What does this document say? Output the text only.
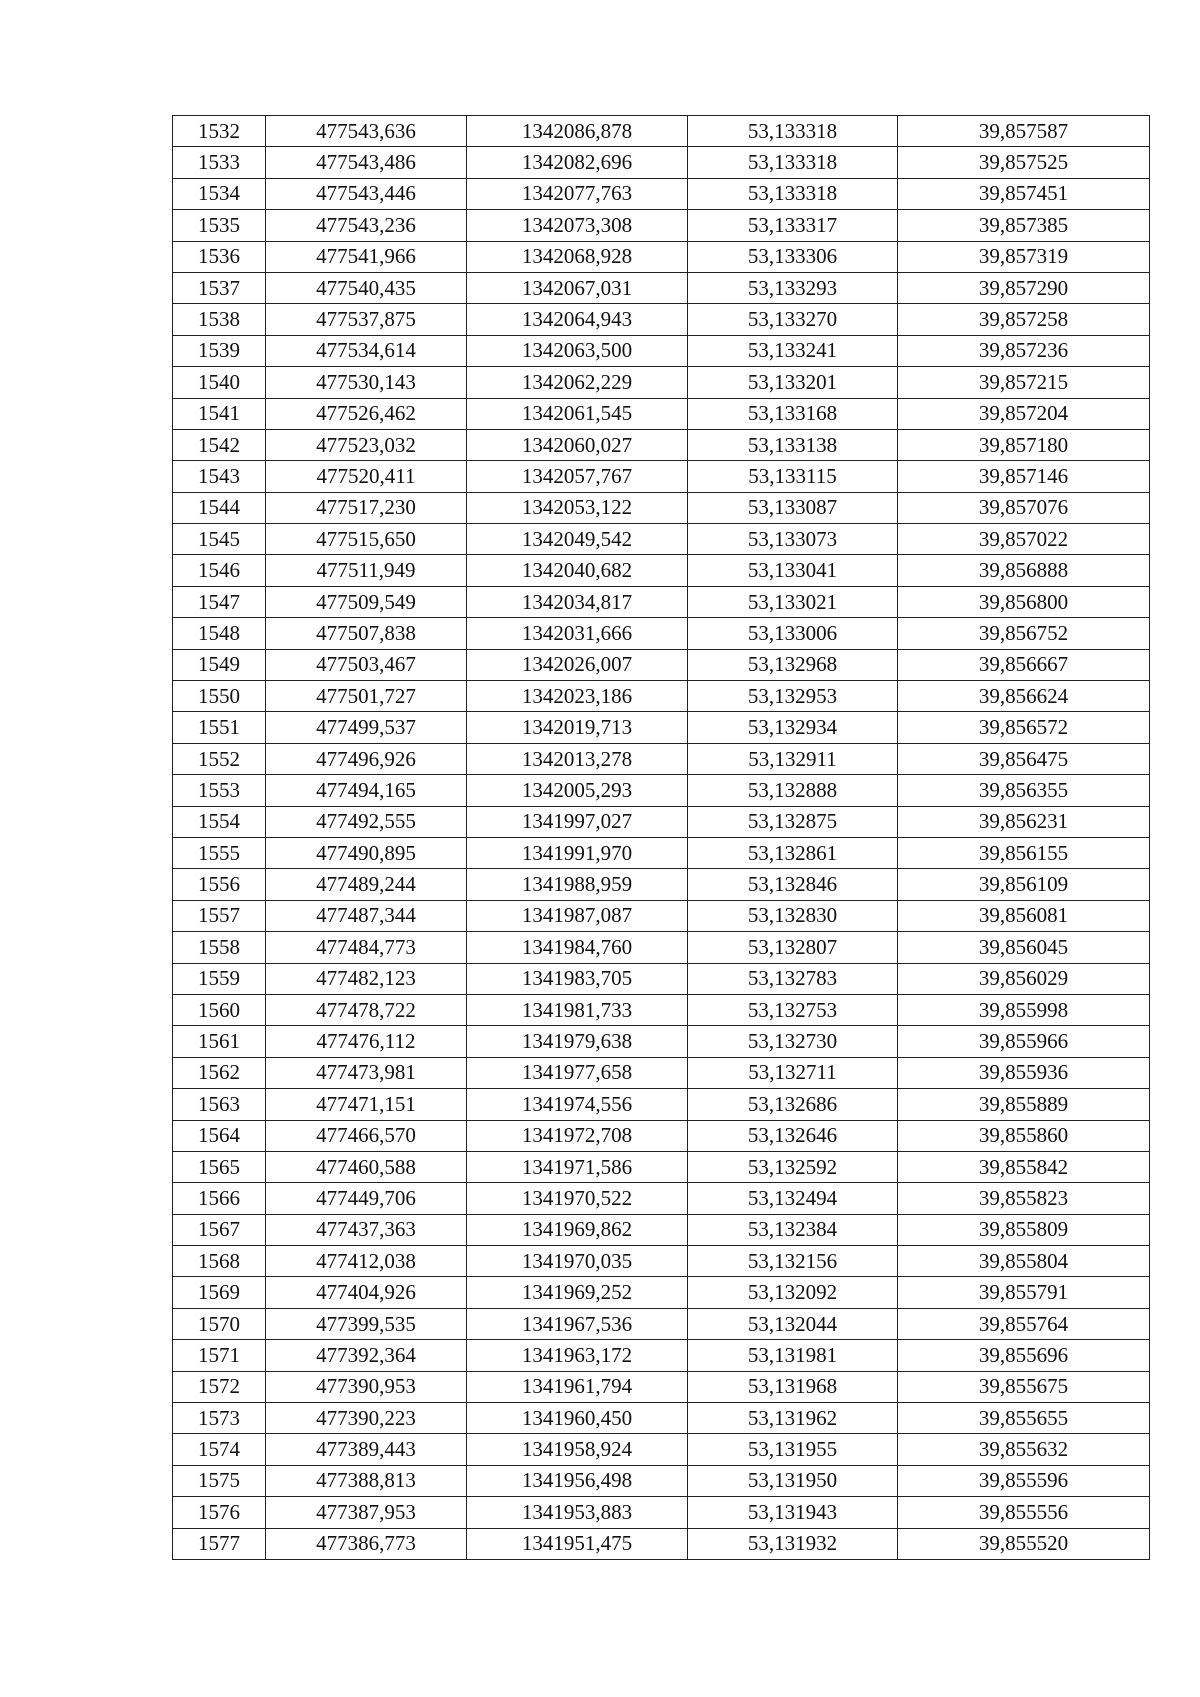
1532	477543,636	1342086,878	53,133318	39,857587
1533	477543,486	1342082,696	53,133318	39,857525
1534	477543,446	1342077,763	53,133318	39,857451
1535	477543,236	1342073,308	53,133317	39,857385
1536	477541,966	1342068,928	53,133306	39,857319
1537	477540,435	1342067,031	53,133293	39,857290
1538	477537,875	1342064,943	53,133270	39,857258
1539	477534,614	1342063,500	53,133241	39,857236
1540	477530,143	1342062,229	53,133201	39,857215
1541	477526,462	1342061,545	53,133168	39,857204
1542	477523,032	1342060,027	53,133138	39,857180
1543	477520,411	1342057,767	53,133115	39,857146
1544	477517,230	1342053,122	53,133087	39,857076
1545	477515,650	1342049,542	53,133073	39,857022
1546	477511,949	1342040,682	53,133041	39,856888
1547	477509,549	1342034,817	53,133021	39,856800
1548	477507,838	1342031,666	53,133006	39,856752
1549	477503,467	1342026,007	53,132968	39,856667
1550	477501,727	1342023,186	53,132953	39,856624
1551	477499,537	1342019,713	53,132934	39,856572
1552	477496,926	1342013,278	53,132911	39,856475
1553	477494,165	1342005,293	53,132888	39,856355
1554	477492,555	1341997,027	53,132875	39,856231
1555	477490,895	1341991,970	53,132861	39,856155
1556	477489,244	1341988,959	53,132846	39,856109
1557	477487,344	1341987,087	53,132830	39,856081
1558	477484,773	1341984,760	53,132807	39,856045
1559	477482,123	1341983,705	53,132783	39,856029
1560	477478,722	1341981,733	53,132753	39,855998
1561	477476,112	1341979,638	53,132730	39,855966
1562	477473,981	1341977,658	53,132711	39,855936
1563	477471,151	1341974,556	53,132686	39,855889
1564	477466,570	1341972,708	53,132646	39,855860
1565	477460,588	1341971,586	53,132592	39,855842
1566	477449,706	1341970,522	53,132494	39,855823
1567	477437,363	1341969,862	53,132384	39,855809
1568	477412,038	1341970,035	53,132156	39,855804
1569	477404,926	1341969,252	53,132092	39,855791
1570	477399,535	1341967,536	53,132044	39,855764
1571	477392,364	1341963,172	53,131981	39,855696
1572	477390,953	1341961,794	53,131968	39,855675
1573	477390,223	1341960,450	53,131962	39,855655
1574	477389,443	1341958,924	53,131955	39,855632
1575	477388,813	1341956,498	53,131950	39,855596
1576	477387,953	1341953,883	53,131943	39,855556
1577	477386,773	1341951,475	53,131932	39,855520
